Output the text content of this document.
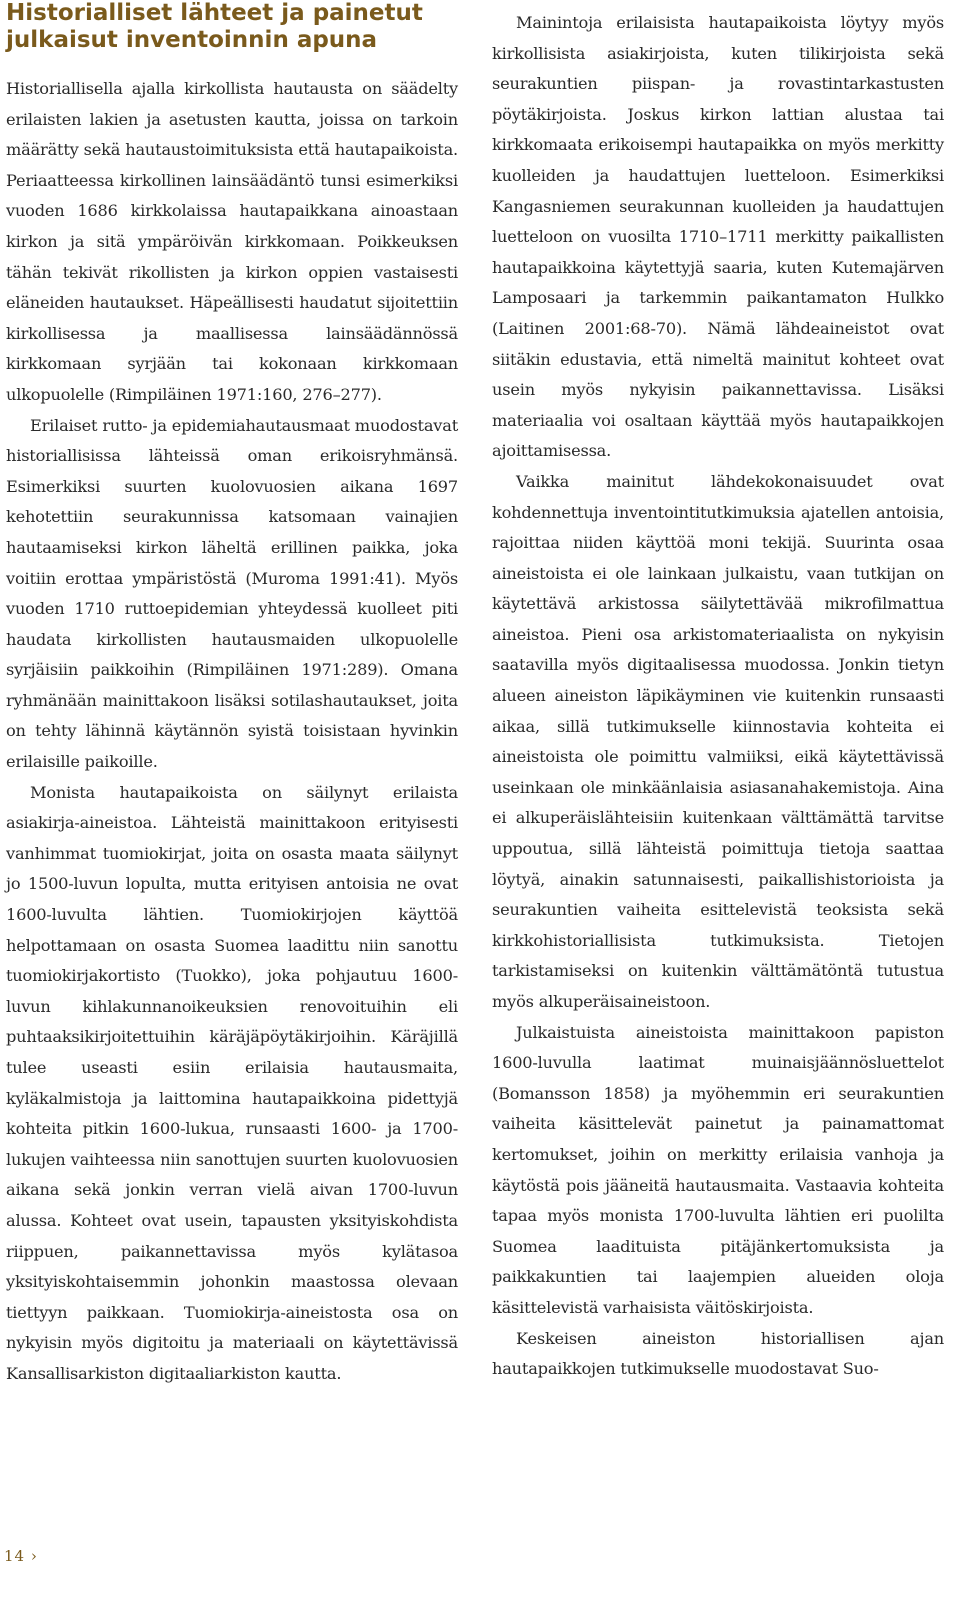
Historialliset lähteet ja painetut julkaisut inventoinnin apuna

Historiallisella ajalla kirkollista hautausta on säädelty erilaisten lakien ja asetusten kautta, joissa on tarkoin määrätty sekä hautaustoimituksista että hautapaikoista. Periaatteessa kirkollinen lainsäädäntö tunsi esimerkiksi vuoden 1686 kirkkolaissa hautapaikkana ainoastaan kirkon ja sitä ympäröivän kirkkomaan. Poikkeuksen tähän tekivät rikollisten ja kirkon oppien vastaisesti eläneiden hautaukset. Häpeällisesti haudatut sijoitettiin kirkollisessa ja maallisessa lainsäädännössä kirkkomaan syrjään tai kokonaan kirkkomaan ulkopuolelle (Rimpiläinen 1971:160, 276–277).

Erilaiset rutto- ja epidemiahautausmaat muodostavat historiallisissa lähteissä oman erikoisryhmänsä. Esimerkiksi suurten kuolovuosien aikana 1697 kehotettiin seurakunnissa katsomaan vainajien hautaamiseksi kirkon läheltä erillinen paikka, joka voitiin erottaa ympäristöstä (Muroma 1991:41). Myös vuoden 1710 ruttoepidemian yhteydessä kuolleet piti haudata kirkollisten hautausmaiden ulkopuolelle syrjäisiin paikkoihin (Rimpiläinen 1971:289). Omana ryhmänään mainittakoon lisäksi sotilashautaukset, joita on tehty lähinnä käytännön syistä toisistaan hyvinkin erilaisille paikoille.

Monista hautapaikoista on säilynyt erilaista asiakirja-aineistoa. Lähteistä mainittakoon erityisesti vanhimmat tuomiokirjat, joita on osasta maata säilynyt jo 1500-luvun lopulta, mutta erityisen antoisia ne ovat 1600-luvulta lähtien. Tuomiokirjojen käyttöä helpottamaan on osasta Suomea laadittu niin sanottu tuomiokirjakortisto (Tuokko), joka pohjautuu 1600-luvun kihlakunnanoikeuksien renovoituihin eli puhtaaksikirjoitettuihin käräjäpöytäkirjoihin. Käräjillä tulee useasti esiin erilaisia hautausmaita, kyläkalmistoja ja laittomina hautapaikkoina pidettyjä kohteita pitkin 1600-lukua, runsaasti 1600- ja 1700-lukujen vaihteessa niin sanottujen suurten kuolovuosien aikana sekä jonkin verran vielä aivan 1700-luvun alussa. Kohteet ovat usein, tapausten yksityiskohdista riippuen, paikannettavissa myös kylätasoa yksityiskohtaisemmin johonkin maastossa olevaan tiettyyn paikkaan. Tuomiokirja-aineistosta osa on nykyisin myös digitoitu ja materiaali on käytettävissä Kansallisarkiston digitaaliarkiston kautta.

Mainintoja erilaisista hautapaikoista löytyy myös kirkollisista asiakirjoista, kuten tilikirjoista sekä seurakuntien piispan- ja rovastintarkastusten pöytäkirjoista. Joskus kirkon lattian alustaa tai kirkkomaata erikoisempi hautapaikka on myös merkitty kuolleiden ja haudattujen luetteloon. Esimerkiksi Kangasniemen seurakunnan kuolleiden ja haudattujen luetteloon on vuosilta 1710–1711 merkitty paikallisten hautapaikkoina käytettyjä saaria, kuten Kutemajärven Lamposaari ja tarkemmin paikantamaton Hulkko (Laitinen 2001:68-70). Nämä lähdeaineistot ovat siitäkin edustavia, että nimeltä mainitut kohteet ovat usein myös nykyisin paikannettavissa. Lisäksi materiaalia voi osaltaan käyttää myös hautapaikkojen ajoittamisessa.

Vaikka mainitut lähdekokonaisuudet ovat kohdennettuja inventointitutkimuksia ajatellen antoisia, rajoittaa niiden käyttöä moni tekijä. Suurinta osaa aineistoista ei ole lainkaan julkaistu, vaan tutkijan on käytettävä arkistossa säilytettävää mikrofilmattua aineistoa. Pieni osa arkistomateriaalista on nykyisin saatavilla myös digitaalisessa muodossa. Jonkin tietyn alueen aineiston läpikäyminen vie kuitenkin runsaasti aikaa, sillä tutkimukselle kiinnostavia kohteita ei aineistoista ole poimittu valmiiksi, eikä käytettävissä useinkaan ole minkäänlaisia asiasanahakemistoja. Aina ei alkuperäislähteisiin kuitenkaan välttämättä tarvitse uppoutua, sillä lähteistä poimittuja tietoja saattaa löytyä, ainakin satunnaisesti, paikallishistorioista ja seurakuntien vaiheita esittelevistä teoksista sekä kirkkohistoriallisista tutkimuksista. Tietojen tarkistamiseksi on kuitenkin välttämätöntä tutustua myös alkuperäisaineistoon.

Julkaistuista aineistoista mainittakoon papiston 1600-luvulla laatimat muinaisjäännösluettelot (Bomansson 1858) ja myöhemmin eri seurakuntien vaiheita käsittelevät painetut ja painamattomat kertomukset, joihin on merkitty erilaisia vanhoja ja käytöstä pois jääneitä hautausmaita. Vastaavia kohteita tapaa myös monista 1700-luvulta lähtien eri puolilta Suomea laadituista pitäjänkertomuksista ja paikkakuntien tai laajempien alueiden oloja käsittelevistä varhaisista väitöskirjoista.

Keskeisen aineiston historiallisen ajan hautapaikkojen tutkimukselle muodostavat Suo-

14 ›
